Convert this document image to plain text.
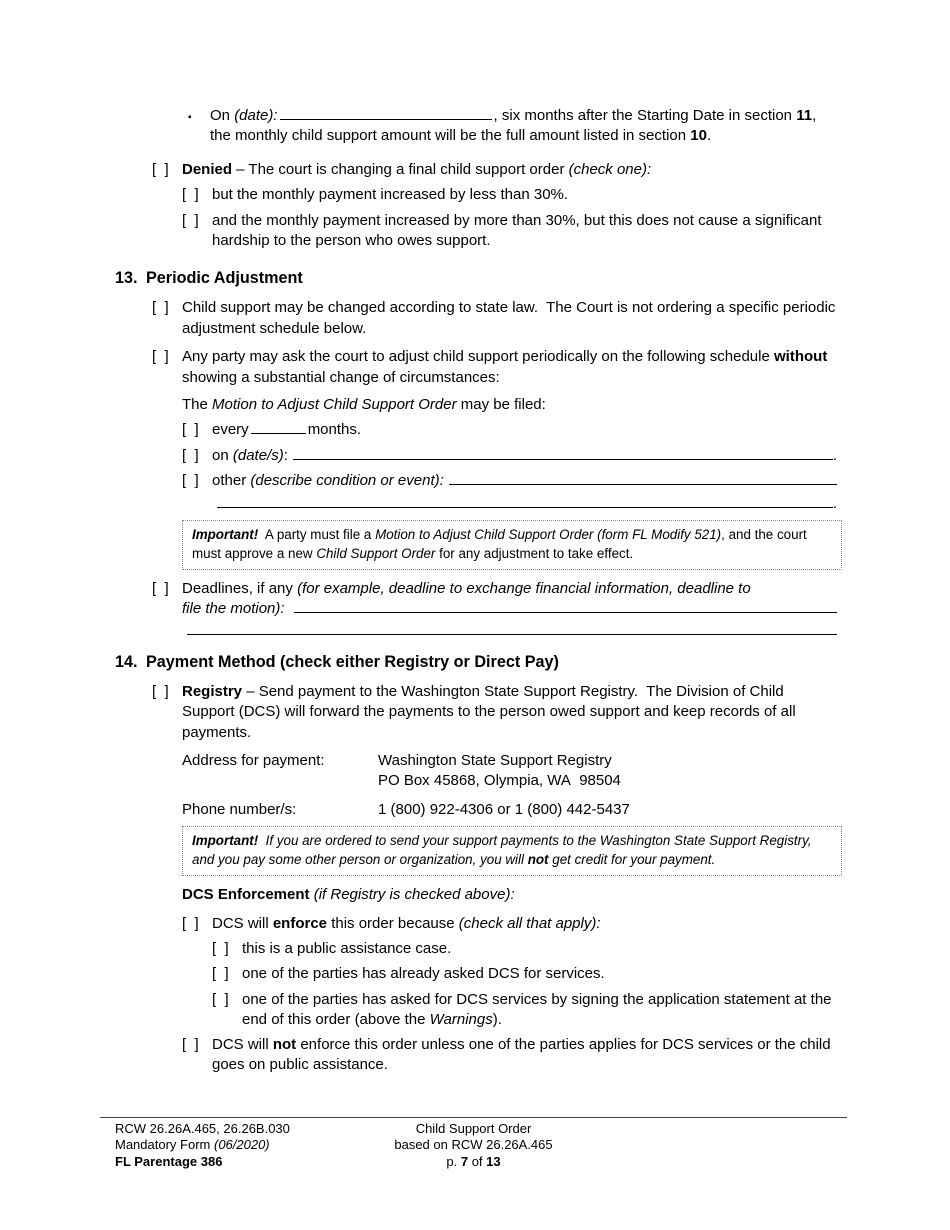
▪	On (date):	, six months after the Starting Date in section 11, the monthly child support amount will be the full amount listed in section 10.
[  ] Denied – The court is changing a final child support order (check one):
[  ] but the monthly payment increased by less than 30%.
[  ] and the monthly payment increased by more than 30%, but this does not cause a significant hardship to the person who owes support.
13. Periodic Adjustment
[  ] Child support may be changed according to state law.  The Court is not ordering a specific periodic adjustment schedule below.
[  ] Any party may ask the court to adjust child support periodically on the following schedule without showing a substantial change of circumstances:
The Motion to Adjust Child Support Order may be filed:
[  ] every	months.
[  ] on (date/s):	.
[  ] other (describe condition or event):
.
Important!  A party must file a Motion to Adjust Child Support Order (form FL Modify 521), and the court must approve a new Child Support Order for any adjustment to take effect.
[  ] Deadlines, if any (for example, deadline to exchange financial information, deadline to
file the motion):
14. Payment Method (check either Registry or Direct Pay)
[  ] Registry – Send payment to the Washington State Support Registry.  The Division of Child Support (DCS) will forward the payments to the person owed support and keep records of all payments.
Address for payment:	Washington State Support Registry
PO Box 45868, Olympia, WA  98504
Phone number/s:	1 (800) 922-4306 or 1 (800) 442-5437
Important!  If you are ordered to send your support payments to the Washington State Support Registry, and you pay some other person or organization, you will not get credit for your payment.
DCS Enforcement (if Registry is checked above):
[  ] DCS will enforce this order because (check all that apply):
[  ] this is a public assistance case.
[  ] one of the parties has already asked DCS for services.
[  ] one of the parties has asked for DCS services by signing the application statement at the end of this order (above the Warnings).
[  ] DCS will not enforce this order unless one of the parties applies for DCS services or the child goes on public assistance.
RCW 26.26A.465, 26.26B.030
Mandatory Form (06/2020)
FL Parentage 386
Child Support Order
based on RCW 26.26A.465
p. 7 of 13
